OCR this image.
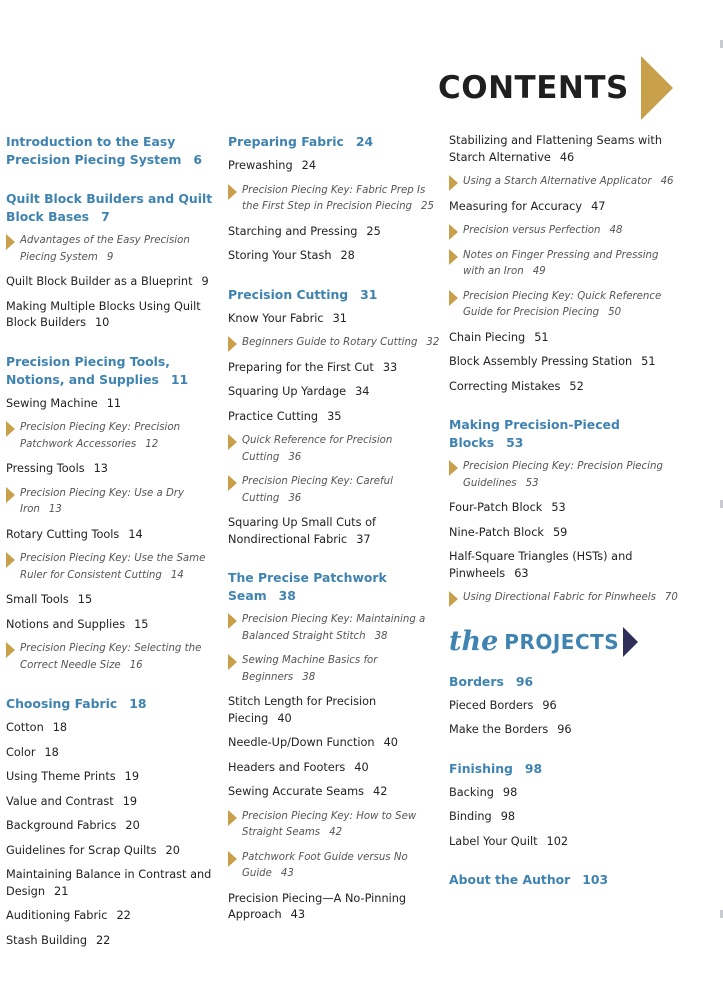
CONTENTS
Introduction to the Easy Precision Piecing System 6
Quilt Block Builders and Quilt Block Bases 7
Advantages of the Easy Precision Piecing System 9
Quilt Block Builder as a Blueprint 9
Making Multiple Blocks Using Quilt Block Builders 10
Precision Piecing Tools, Notions, and Supplies 11
Sewing Machine 11
Precision Piecing Key: Precision Patchwork Accessories 12
Pressing Tools 13
Precision Piecing Key: Use a Dry Iron 13
Rotary Cutting Tools 14
Precision Piecing Key: Use the Same Ruler for Consistent Cutting 14
Small Tools 15
Notions and Supplies 15
Precision Piecing Key: Selecting the Correct Needle Size 16
Choosing Fabric 18
Cotton 18
Color 18
Using Theme Prints 19
Value and Contrast 19
Background Fabrics 20
Guidelines for Scrap Quilts 20
Maintaining Balance in Contrast and Design 21
Auditioning Fabric 22
Stash Building 22
Preparing Fabric 24
Prewashing 24
Precision Piecing Key: Fabric Prep Is the First Step in Precision Piecing 25
Starching and Pressing 25
Storing Your Stash 28
Precision Cutting 31
Know Your Fabric 31
Beginners Guide to Rotary Cutting 32
Preparing for the First Cut 33
Squaring Up Yardage 34
Practice Cutting 35
Quick Reference for Precision Cutting 36
Precision Piecing Key: Careful Cutting 36
Squaring Up Small Cuts of Nondirectional Fabric 37
The Precise Patchwork Seam 38
Precision Piecing Key: Maintaining a Balanced Straight Stitch 38
Sewing Machine Basics for Beginners 38
Stitch Length for Precision Piecing 40
Needle-Up/Down Function 40
Headers and Footers 40
Sewing Accurate Seams 42
Precision Piecing Key: How to Sew Straight Seams 42
Patchwork Foot Guide versus No Guide 43
Precision Piecing—A No-Pinning Approach 43
Stabilizing and Flattening Seams with Starch Alternative 46
Using a Starch Alternative Applicator 46
Measuring for Accuracy 47
Precision versus Perfection 48
Notes on Finger Pressing and Pressing with an Iron 49
Precision Piecing Key: Quick Reference Guide for Precision Piecing 50
Chain Piecing 51
Block Assembly Pressing Station 51
Correcting Mistakes 52
Making Precision-Pieced Blocks 53
Precision Piecing Key: Precision Piecing Guidelines 53
Four-Patch Block 53
Nine-Patch Block 59
Half-Square Triangles (HSTs) and Pinwheels 63
Using Directional Fabric for Pinwheels 70
the PROJECTS
Borders 96
Pieced Borders 96
Make the Borders 96
Finishing 98
Backing 98
Binding 98
Label Your Quilt 102
About the Author 103
